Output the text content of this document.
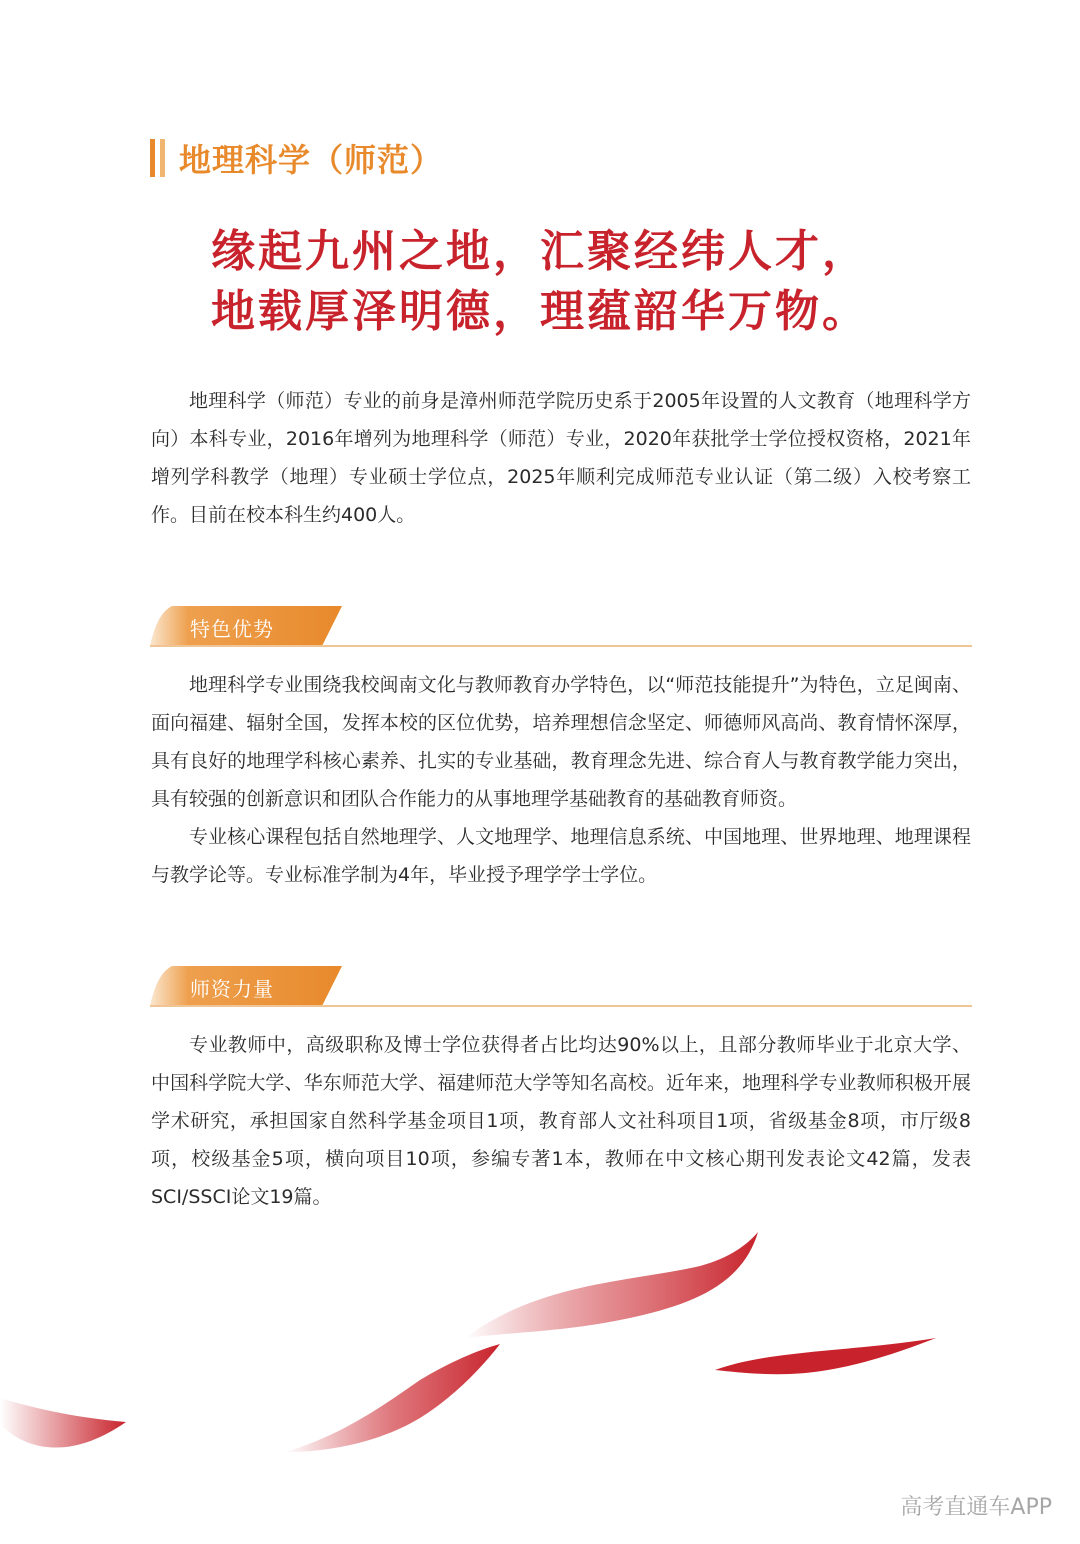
地理科学（师范）
缘起九州之地，汇聚经纬人才，
地载厚泽明德，理蕴韶华万物。

地理科学（师范）专业的前身是漳州师范学院历史系于2005年设置的人文教育（地理科学方向）本科专业，2016年增列为地理科学（师范）专业，2020年获批学士学位授权资格，2021年增列学科教学（地理）专业硕士学位点，2025年顺利完成师范专业认证（第二级）入校考察工作。目前在校本科生约400人。

特色优势

地理科学专业围绕我校闽南文化与教师教育办学特色，以“师范技能提升”为特色，立足闽南、面向福建、辐射全国，发挥本校的区位优势，培养理想信念坚定、师德师风高尚、教育情怀深厚，具有良好的地理学科核心素养、扎实的专业基础，教育理念先进、综合育人与教育教学能力突出，具有较强的创新意识和团队合作能力的从事地理学基础教育的基础教育师资。

专业核心课程包括自然地理学、人文地理学、地理信息系统、中国地理、世界地理、地理课程与教学论等。专业标准学制为4年，毕业授予理学学士学位。

师资力量

专业教师中，高级职称及博士学位获得者占比均达90%以上，且部分教师毕业于北京大学、中国科学院大学、华东师范大学、福建师范大学等知名高校。近年来，地理科学专业教师积极开展学术研究，承担国家自然科学基金项目1项，教育部人文社科项目1项，省级基金8项，市厅级8项，校级基金5项，横向项目10项，参编专著1本，教师在中文核心期刊发表论文42篇，发表SCI/SSCI论文19篇。

高考直通车APP
